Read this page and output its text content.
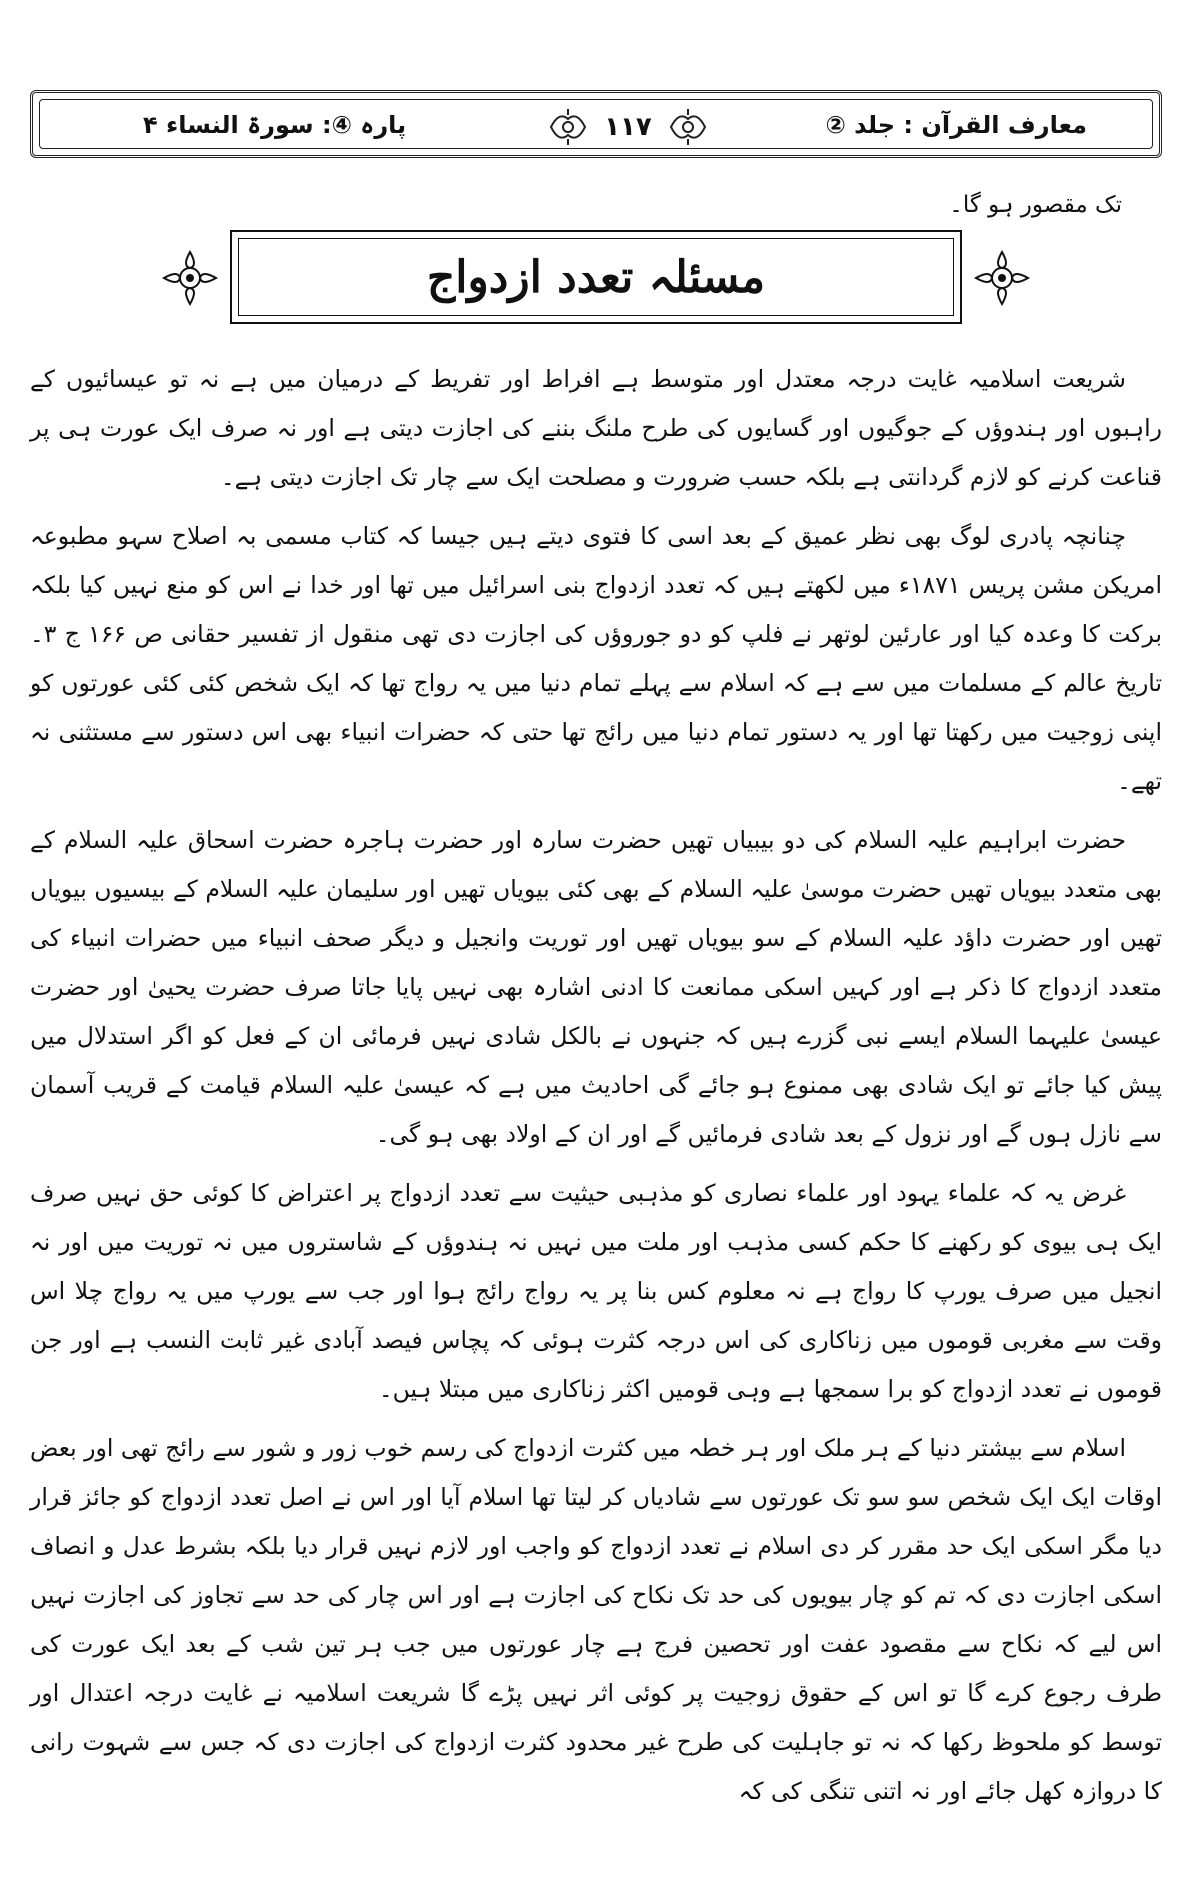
معارف القرآن : جلد ②
۱۱۷
پارہ ④: سورۃ النساء ۴
تک مقصور ہو گا۔
مسئلہ تعدد ازدواج

شریعت اسلامیہ غایت درجہ معتدل اور متوسط ہے افراط اور تفریط کے درمیان میں ہے نہ تو عیسائیوں کے راہبوں اور ہندوؤں کے جوگیوں اور گسایوں کی طرح ملنگ بننے کی اجازت دیتی ہے اور نہ صرف ایک عورت ہی پر قناعت کرنے کو لازم گردانتی ہے بلکہ حسب ضرورت و مصلحت ایک سے چار تک اجازت دیتی ہے۔

چنانچہ پادری لوگ بھی نظر عمیق کے بعد اسی کا فتوی دیتے ہیں جیسا کہ کتاب مسمی بہ اصلاح سہو مطبوعہ امریکن مشن پریس ۱۸۷۱ء میں لکھتے ہیں کہ تعدد ازدواج بنی اسرائیل میں تھا اور خدا نے اس کو منع نہیں کیا بلکہ برکت کا وعدہ کیا اور عارئین لوتھر نے فلپ کو دو جوروؤں کی اجازت دی تھی منقول از تفسیر حقانی ص ۱۶۶ ج ۳۔ تاریخ عالم کے مسلمات میں سے ہے کہ اسلام سے پہلے تمام دنیا میں یہ رواج تھا کہ ایک شخص کئی کئی عورتوں کو اپنی زوجیت میں رکھتا تھا اور یہ دستور تمام دنیا میں رائج تھا حتی کہ حضرات انبیاء بھی اس دستور سے مستثنی نہ تھے۔

حضرت ابراہیم علیہ السلام کی دو بیبیاں تھیں حضرت سارہ اور حضرت ہاجرہ حضرت اسحاق علیہ السلام کے بھی متعدد بیویاں تھیں حضرت موسیٰ علیہ السلام کے بھی کئی بیویاں تھیں اور سلیمان علیہ السلام کے بیسیوں بیویاں تھیں اور حضرت داؤد علیہ السلام کے سو بیویاں تھیں اور توریت وانجیل و دیگر صحف انبیاء میں حضرات انبیاء کی متعدد ازدواج کا ذکر ہے اور کہیں اسکی ممانعت کا ادنی اشارہ بھی نہیں پایا جاتا صرف حضرت یحییٰ اور حضرت عیسیٰ علیہما السلام ایسے نبی گزرے ہیں کہ جنہوں نے بالکل شادی نہیں فرمائی ان کے فعل کو اگر استدلال میں پیش کیا جائے تو ایک شادی بھی ممنوع ہو جائے گی احادیث میں ہے کہ عیسیٰ علیہ السلام قیامت کے قریب آسمان سے نازل ہوں گے اور نزول کے بعد شادی فرمائیں گے اور ان کے اولاد بھی ہو گی۔

غرض یہ کہ علماء یہود اور علماء نصاری کو مذہبی حیثیت سے تعدد ازدواج پر اعتراض کا کوئی حق نہیں صرف ایک ہی بیوی کو رکھنے کا حکم کسی مذہب اور ملت میں نہیں نہ ہندوؤں کے شاستروں میں نہ توریت میں اور نہ انجیل میں صرف یورپ کا رواج ہے نہ معلوم کس بنا پر یہ رواج رائج ہوا اور جب سے یورپ میں یہ رواج چلا اس وقت سے مغربی قوموں میں زناکاری کی اس درجہ کثرت ہوئی کہ پچاس فیصد آبادی غیر ثابت النسب ہے اور جن قوموں نے تعدد ازدواج کو برا سمجھا ہے وہی قومیں اکثر زناکاری میں مبتلا ہیں۔

اسلام سے بیشتر دنیا کے ہر ملک اور ہر خطہ میں کثرت ازدواج کی رسم خوب زور و شور سے رائج تھی اور بعض اوقات ایک ایک شخص سو سو تک عورتوں سے شادیاں کر لیتا تھا اسلام آیا اور اس نے اصل تعدد ازدواج کو جائز قرار دیا مگر اسکی ایک حد مقرر کر دی اسلام نے تعدد ازدواج کو واجب اور لازم نہیں قرار دیا بلکہ بشرط عدل و انصاف اسکی اجازت دی کہ تم کو چار بیویوں کی حد تک نکاح کی اجازت ہے اور اس چار کی حد سے تجاوز کی اجازت نہیں اس لیے کہ نکاح سے مقصود عفت اور تحصین فرج ہے چار عورتوں میں جب ہر تین شب کے بعد ایک عورت کی طرف رجوع کرے گا تو اس کے حقوق زوجیت پر کوئی اثر نہیں پڑے گا شریعت اسلامیہ نے غایت درجہ اعتدال اور توسط کو ملحوظ رکھا کہ نہ تو جاہلیت کی طرح غیر محدود کثرت ازدواج کی اجازت دی کہ جس سے شہوت رانی کا دروازہ کھل جائے اور نہ اتنی تنگی کی کہ
